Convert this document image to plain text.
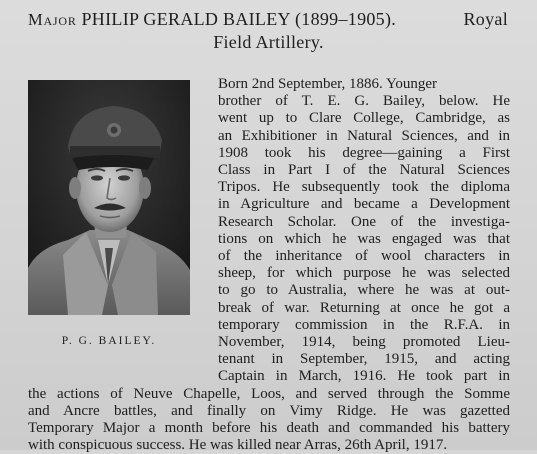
Major PHILIP GERALD BAILEY (1899–1905).	Royal
Field Artillery.
P. G. BAILEY.
Born 2nd September, 1886. Younger
brother of T. E. G. Bailey, below. He
went up to Clare College, Cambridge, as
an Exhibitioner in Natural Sciences, and in
1908 took his degree—gaining a First
Class in Part I of the Natural Sciences
Tripos. He subsequently took the diploma
in Agriculture and became a Development
Research Scholar. One of the investiga-
tions on which he was engaged was that
of the inheritance of wool characters in
sheep, for which purpose he was selected
to go to Australia, where he was at out-
break of war. Returning at once he got a
temporary commission in the R.F.A. in
November, 1914, being promoted Lieu-
tenant in September, 1915, and acting
Captain in March, 1916. He took part in
the actions of Neuve Chapelle, Loos, and served through the Somme
and Ancre battles, and finally on Vimy Ridge. He was gazetted
Temporary Major a month before his death and commanded his battery
with conspicuous success. He was killed near Arras, 26th April, 1917.
